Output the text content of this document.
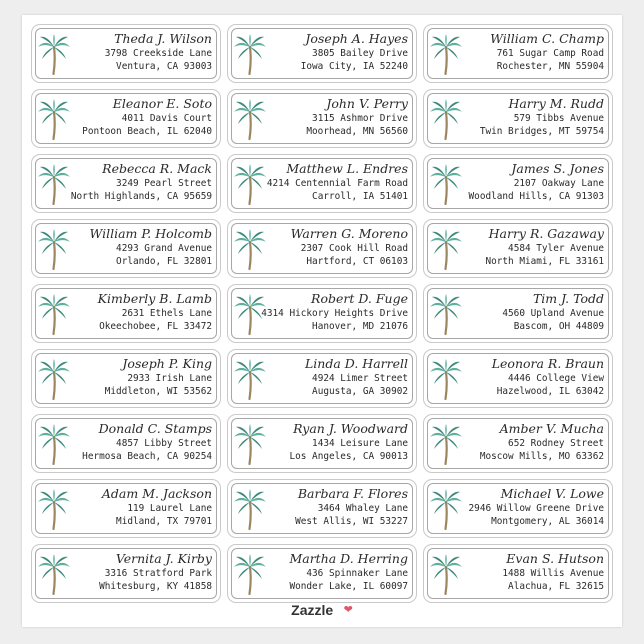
Theda J. Wilson
3798 Creekside Lane
Ventura, CA 93003
Joseph A. Hayes
3805 Bailey Drive
Iowa City, IA 52240
William C. Champ
761 Sugar Camp Road
Rochester, MN 55904
Eleanor E. Soto
4011 Davis Court
Pontoon Beach, IL 62040
John V. Perry
3115 Ashmor Drive
Moorhead, MN 56560
Harry M. Rudd
579 Tibbs Avenue
Twin Bridges, MT 59754
Rebecca R. Mack
3249 Pearl Street
North Highlands, CA 95659
Matthew L. Endres
4214 Centennial Farm Road
Carroll, IA 51401
James S. Jones
2107 Oakway Lane
Woodland Hills, CA 91303
William P. Holcomb
4293 Grand Avenue
Orlando, FL 32801
Warren G. Moreno
2307 Cook Hill Road
Hartford, CT 06103
Harry R. Gazaway
4584 Tyler Avenue
North Miami, FL 33161
Kimberly B. Lamb
2631 Ethels Lane
Okeechobee, FL 33472
Robert D. Fuge
4314 Hickory Heights Drive
Hanover, MD 21076
Tim J. Todd
4560 Upland Avenue
Bascom, OH 44809
Joseph P. King
2933 Irish Lane
Middleton, WI 53562
Linda D. Harrell
4924 Limer Street
Augusta, GA 30902
Leonora R. Braun
4446 College View
Hazelwood, IL 63042
Donald C. Stamps
4857 Libby Street
Hermosa Beach, CA 90254
Ryan J. Woodward
1434 Leisure Lane
Los Angeles, CA 90013
Amber V. Mucha
652 Rodney Street
Moscow Mills, MO 63362
Adam M. Jackson
119 Laurel Lane
Midland, TX 79701
Barbara F. Flores
3464 Whaley Lane
West Allis, WI 53227
Michael V. Lowe
2946 Willow Greene Drive
Montgomery, AL 36014
Vernita J. Kirby
3316 Stratford Park
Whitesburg, KY 41858
Martha D. Herring
436 Spinnaker Lane
Wonder Lake, IL 60097
Evan S. Hutson
1488 Willis Avenue
Alachua, FL 32615
Zazzle ❤
